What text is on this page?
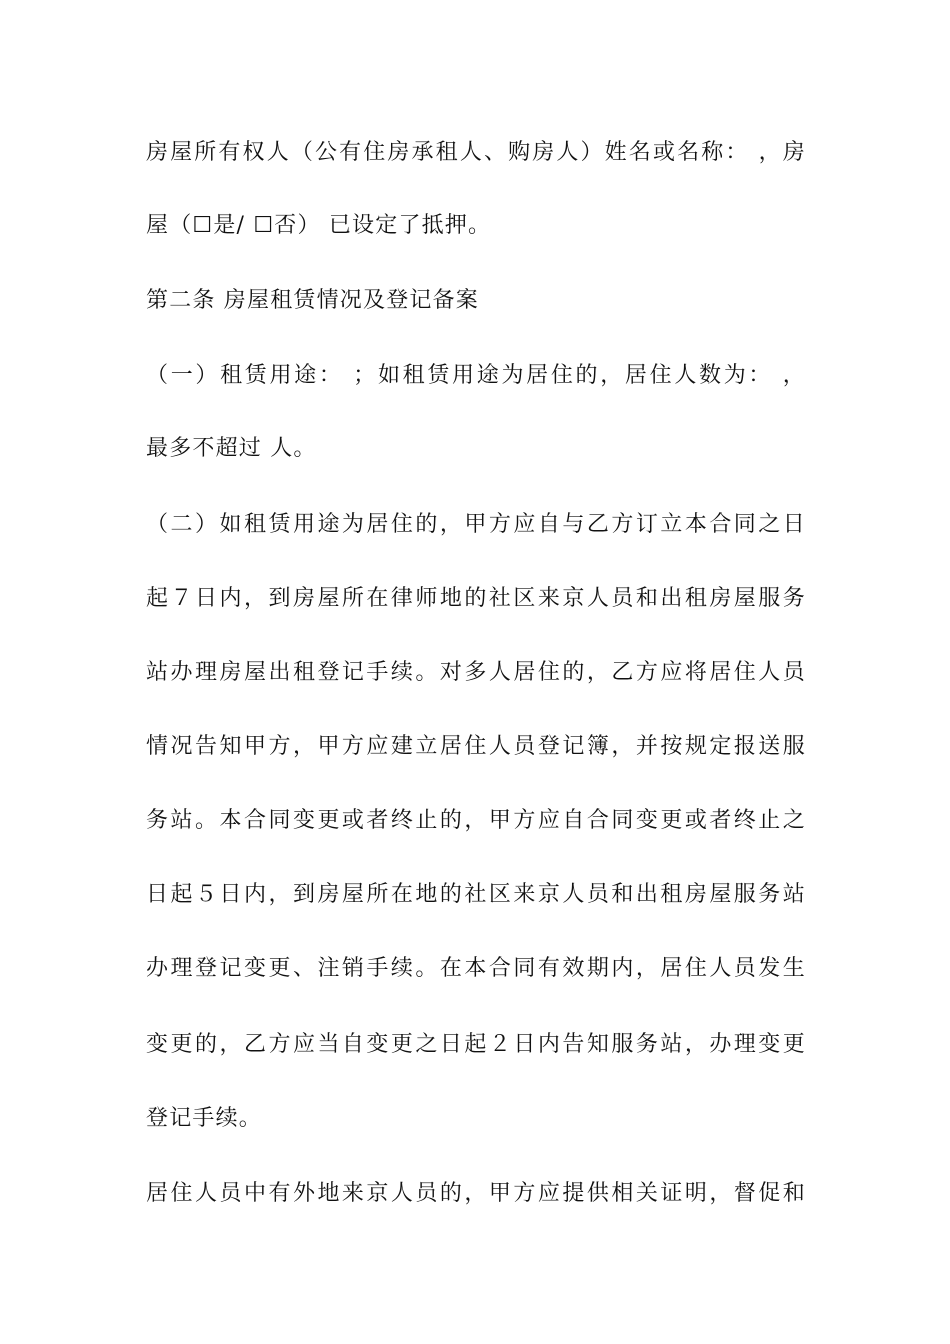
房屋所有权人（公有住房承租人、购房人）姓名或名称： ，房
屋（☐是/ ☐否） 已设定了抵押。
第二条 房屋租赁情况及登记备案
（一）租赁用途： ；如租赁用途为居住的，居住人数为： ，
最多不超过 人。
（二）如租赁用途为居住的，甲方应自与乙方订立本合同之日
起７日内，到房屋所在律师地的社区来京人员和出租房屋服务
站办理房屋出租登记手续。对多人居住的，乙方应将居住人员
情况告知甲方，甲方应建立居住人员登记簿，并按规定报送服
务站。本合同变更或者终止的，甲方应自合同变更或者终止之
日起５日内，到房屋所在地的社区来京人员和出租房屋服务站
办理登记变更、注销手续。在本合同有效期内，居住人员发生
变更的，乙方应当自变更之日起２日内告知服务站，办理变更
登记手续。
居住人员中有外地来京人员的，甲方应提供相关证明，督促和
